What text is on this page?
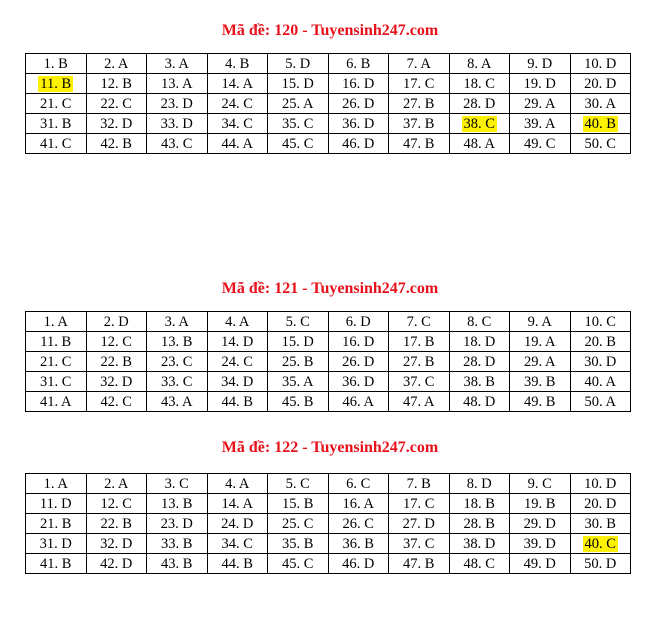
Mã đề: 120 - Tuyensinh247.com
1. B	2. A	3. A	4. B	5. D	6. B	7. A	8. A	9. D	10. D
11. B	12. B	13. A	14. A	15. D	16. D	17. C	18. C	19. D	20. D
21. C	22. C	23. D	24. C	25. A	26. D	27. B	28. D	29. A	30. A
31. B	32. D	33. D	34. C	35. C	36. D	37. B	38. C	39. A	40. B
41. C	42. B	43. C	44. A	45. C	46. D	47. B	48. A	49. C	50. C
Mã đề: 121 - Tuyensinh247.com
1. A	2. D	3. A	4. A	5. C	6. D	7. C	8. C	9. A	10. C
11. B	12. C	13. B	14. D	15. D	16. D	17. B	18. D	19. A	20. B
21. C	22. B	23. C	24. C	25. B	26. D	27. B	28. D	29. A	30. D
31. C	32. D	33. C	34. D	35. A	36. D	37. C	38. B	39. B	40. A
41. A	42. C	43. A	44. B	45. B	46. A	47. A	48. D	49. B	50. A
Mã đề: 122 - Tuyensinh247.com
1. A	2. A	3. C	4. A	5. C	6. C	7. B	8. D	9. C	10. D
11. D	12. C	13. B	14. A	15. B	16. A	17. C	18. B	19. B	20. D
21. B	22. B	23. D	24. D	25. C	26. C	27. D	28. B	29. D	30. B
31. D	32. D	33. B	34. C	35. B	36. B	37. C	38. D	39. D	40. C
41. B	42. D	43. B	44. B	45. C	46. D	47. B	48. C	49. D	50. D
